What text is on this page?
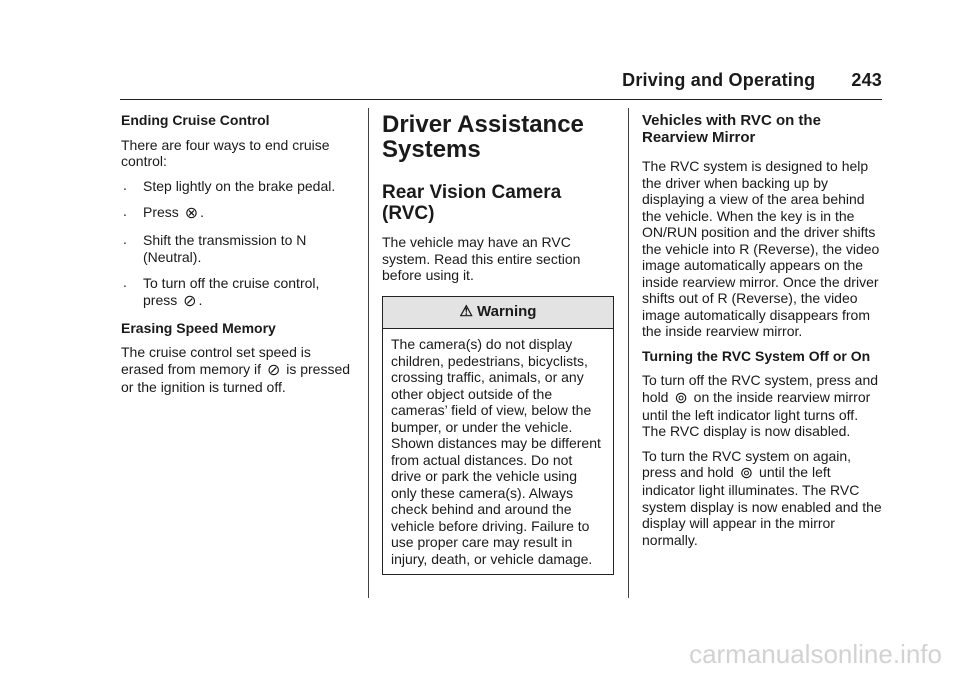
Driving and Operating 243
Ending Cruise Control

There are four ways to end cruise control:

. Step lightly on the brake pedal.
. Press ⊗ .
. Shift the transmission to N (Neutral).
. To turn off the cruise control, press ⊘ .
Erasing Speed Memory

The cruise control set speed is erased from memory if ⊘ is pressed or the ignition is turned off.

Driver Assistance Systems
Rear Vision Camera (RVC)

The vehicle may have an RVC system. Read this entire section before using it.

⚠ Warning
The camera(s) do not display children, pedestrians, bicyclists, crossing traffic, animals, or any other object outside of the cameras’ field of view, below the bumper, or under the vehicle. Shown distances may be different from actual distances. Do not drive or park the vehicle using only these camera(s). Always check behind and around the vehicle before driving. Failure to use proper care may result in injury, death, or vehicle damage.
Vehicles with RVC on the Rearview Mirror

The RVC system is designed to help the driver when backing up by displaying a view of the area behind the vehicle. When the key is in the ON/RUN position and the driver shifts the vehicle into R (Reverse), the video image automatically appears on the inside rearview mirror. Once the driver shifts out of R (Reverse), the video image automatically disappears from the inside rearview mirror.

Turning the RVC System Off or On

To turn off the RVC system, press and hold ⊚ on the inside rearview mirror until the left indicator light turns off. The RVC display is now disabled.

To turn the RVC system on again, press and hold ⊚ until the left indicator light illuminates. The RVC system display is now enabled and the display will appear in the mirror normally.

carmanualsonline.info
